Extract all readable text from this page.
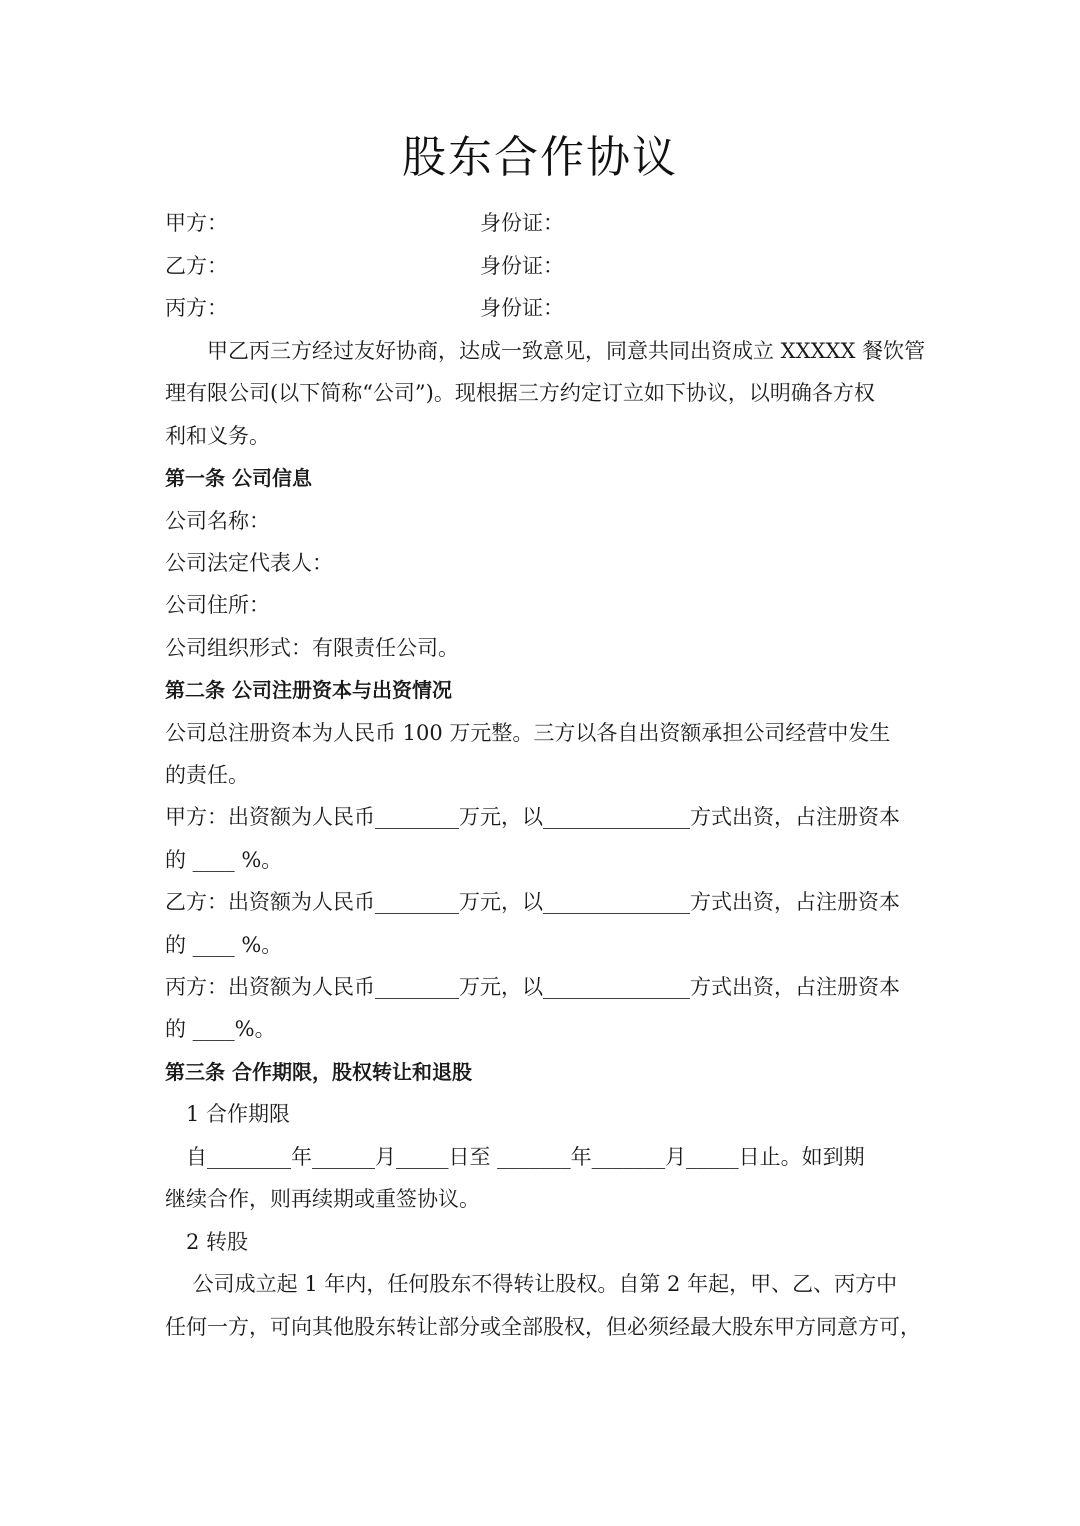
股东合作协议
甲方：	身份证：
乙方：	身份证：
丙方：	身份证：
　　甲乙丙三方经过友好协商，达成一致意见，同意共同出资成立 XXXXX 餐饮管
理有限公司(以下简称“公司”)。现根据三方约定订立如下协议，以明确各方权
利和义务。
第一条 公司信息
公司名称：
公司法定代表人：
公司住所：
公司组织形式：有限责任公司。
第二条 公司注册资本与出资情况
公司总注册资本为人民币 100 万元整。三方以各自出资额承担公司经营中发生
的责任。
甲方：出资额为人民币________万元，以______________方式出资，占注册资本
的 ____ %。
乙方：出资额为人民币________万元，以______________方式出资，占注册资本
的 ____ %。
丙方：出资额为人民币________万元，以______________方式出资，占注册资本
的 ____%。
第三条 合作期限，股权转让和退股
　1 合作期限
　自________年______月_____日至 _______年_______月_____日止。如到期
继续合作，则再续期或重签协议。
　2 转股
　 公司成立起 1 年内，任何股东不得转让股权。自第 2 年起，甲、乙、丙方中
任何一方，可向其他股东转让部分或全部股权，但必须经最大股东甲方同意方可，
